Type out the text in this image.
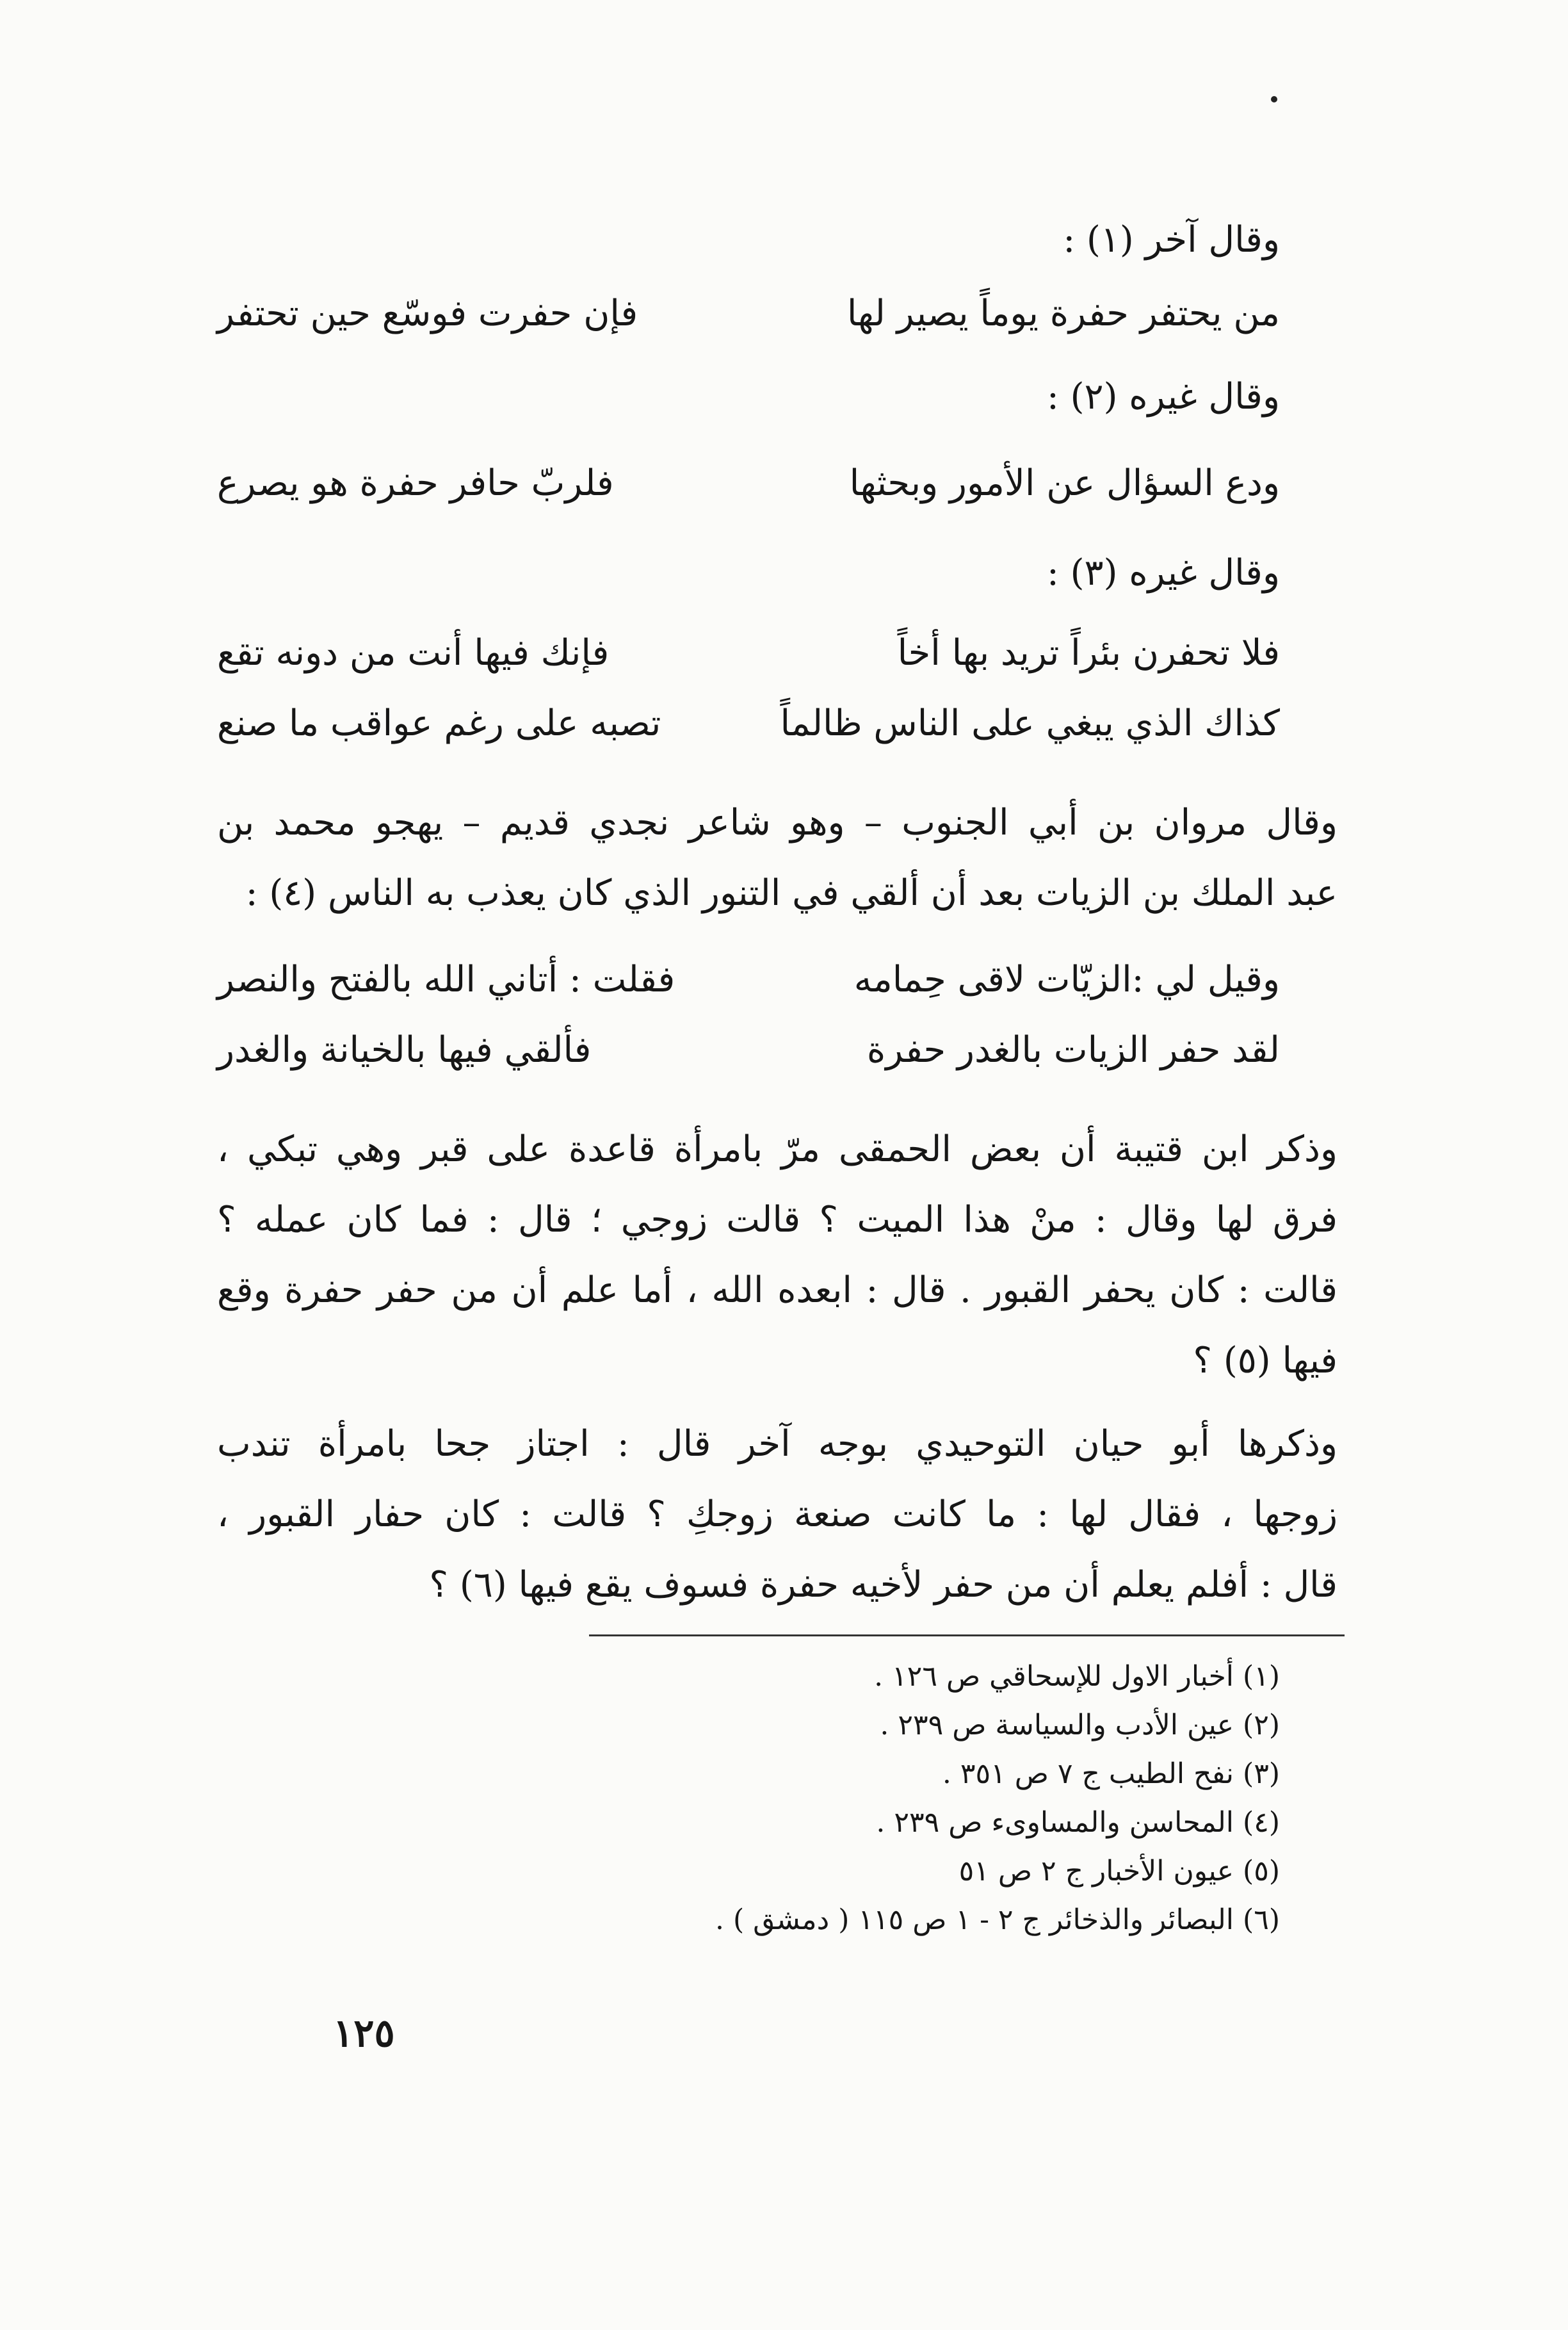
وقال آخر (١) :
من يحتفر حفرة يوماً يصير لها
فإن حفرت فوسّع حين تحتفر
وقال غيره (٢) :
ودع السؤال عن الأمور وبحثها
فلربّ حافر حفرة هو يصرع
وقال غيره (٣) :
فلا تحفرن بئراً تريد بها أخاً
فإنك فيها أنت من دونه تقع
كذاك الذي يبغي على الناس ظالماً
تصبه على رغم عواقب ما صنع
وقال مروان بن أبي الجنوب – وهو شاعر نجدي قديم – يهجو محمد بن
عبد الملك بن الزيات بعد أن ألقي في التنور الذي كان يعذب به الناس (٤) :
وقيل لي :الزيّات لاقى حِمامه
فقلت : أتاني الله بالفتح والنصر
لقد حفر الزيات بالغدر حفرة
فألقي فيها بالخيانة والغدر
وذكر ابن قتيبة أن بعض الحمقى مرّ بامرأة قاعدة على قبر وهي تبكي ،
فرق لها وقال : منْ هذا الميت ؟ قالت زوجي ؛ قال : فما كان عمله ؟
قالت : كان يحفر القبور . قال : ابعده الله ، أما علم أن من حفر حفرة وقع
فيها (٥) ؟
وذكرها أبو حيان التوحيدي بوجه آخر قال : اجتاز جحا بامرأة تندب
زوجها ، فقال لها : ما كانت صنعة زوجكِ ؟ قالت : كان حفار القبور ،
قال : أفلم يعلم أن من حفر لأخيه حفرة فسوف يقع فيها (٦) ؟
(١) أخبار الاول للإسحاقي ص ١٢٦ .
(٢) عين الأدب والسياسة ص ٢٣٩ .
(٣) نفح الطيب ج ٧ ص ٣٥١ .
(٤) المحاسن والمساوىء ص ٢٣٩ .
(٥) عيون الأخبار ج ٢ ص ٥١
(٦) البصائر والذخائر ج ٢ - ١ ص ١١٥ ( دمشق ) .
١٢٥
